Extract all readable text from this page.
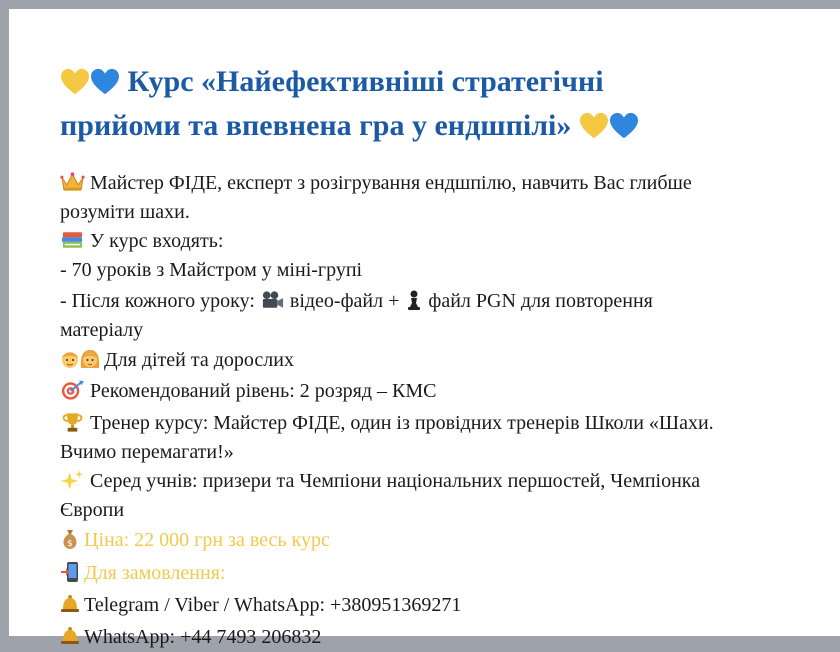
Курс «Найефективніші стратегічні
прийоми та впевнена гра у ендшпілі»
Майстер ФІДЕ, експерт з розігрування ендшпілю, навчить Вас глибше
розуміти шахи.
У курс входять:
- 70 уроків з Майстром у міні-групі
- Після кожного уроку: відео-файл + файл PGN для повторення
матеріалу
Для дітей та дорослих
Рекомендований рівень: 2 розряд – КМС
Тренер курсу: Майстер ФІДЕ, один із провідних тренерів Школи «Шахи.
Вчимо перемагати!»
Серед учнів: призери та Чемпіони національних першостей, Чемпіонка
Європи
$ Ціна: 22 000 грн за весь курс
Для замовлення:
Telegram / Viber / WhatsApp: +380951369271
WhatsApp: +44 7493 206832
